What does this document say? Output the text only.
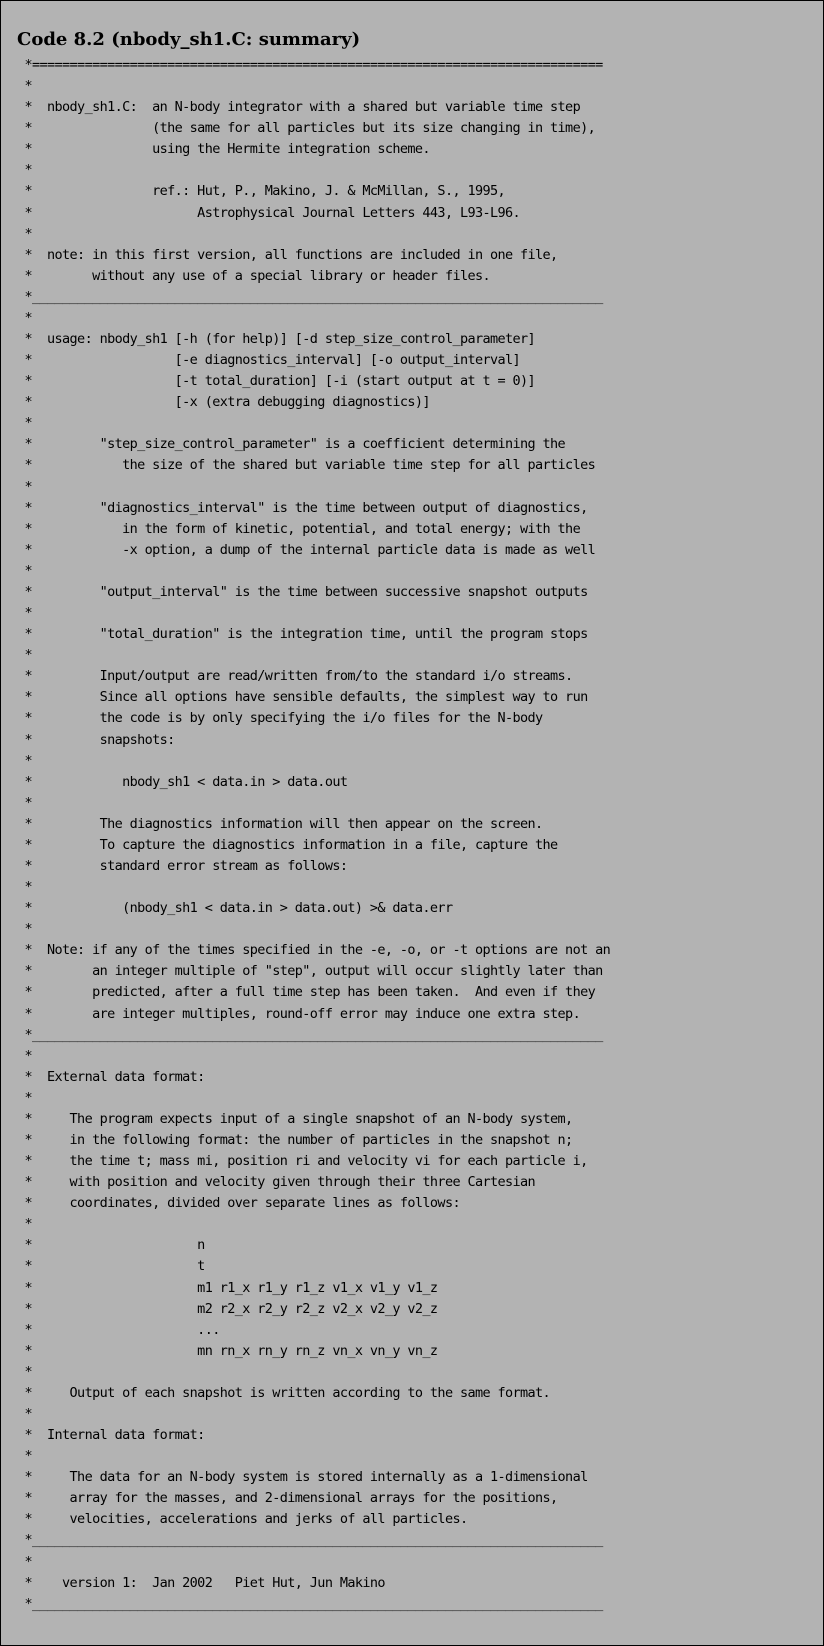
Code 8.2 (nbody_sh1.C: summary)
*============================================================================
*
*  nbody_sh1.C:  an N-body integrator with a shared but variable time step
*                (the same for all particles but its size changing in time),
*                using the Hermite integration scheme.
*
*                ref.: Hut, P., Makino, J. & McMillan, S., 1995,
*                      Astrophysical Journal Letters 443, L93-L96.
*
*  note: in this first version, all functions are included in one file,
*        without any use of a special library or header files.
*____________________________________________________________________________
*
*  usage: nbody_sh1 [-h (for help)] [-d step_size_control_parameter]
*                   [-e diagnostics_interval] [-o output_interval]
*                   [-t total_duration] [-i (start output at t = 0)]
*                   [-x (extra debugging diagnostics)]
*
*         "step_size_control_parameter" is a coefficient determining the
*            the size of the shared but variable time step for all particles
*
*         "diagnostics_interval" is the time between output of diagnostics,
*            in the form of kinetic, potential, and total energy; with the
*            -x option, a dump of the internal particle data is made as well
*
*         "output_interval" is the time between successive snapshot outputs
*
*         "total_duration" is the integration time, until the program stops
*
*         Input/output are read/written from/to the standard i/o streams.
*         Since all options have sensible defaults, the simplest way to run
*         the code is by only specifying the i/o files for the N-body
*         snapshots:
*
*            nbody_sh1 < data.in > data.out
*
*         The diagnostics information will then appear on the screen.
*         To capture the diagnostics information in a file, capture the
*         standard error stream as follows:
*
*            (nbody_sh1 < data.in > data.out) >& data.err
*
*  Note: if any of the times specified in the -e, -o, or -t options are not an
*        an integer multiple of "step", output will occur slightly later than
*        predicted, after a full time step has been taken.  And even if they
*        are integer multiples, round-off error may induce one extra step.
*____________________________________________________________________________
*
*  External data format:
*
*     The program expects input of a single snapshot of an N-body system,
*     in the following format: the number of particles in the snapshot n;
*     the time t; mass mi, position ri and velocity vi for each particle i,
*     with position and velocity given through their three Cartesian
*     coordinates, divided over separate lines as follows:
*
*                      n
*                      t
*                      m1 r1_x r1_y r1_z v1_x v1_y v1_z
*                      m2 r2_x r2_y r2_z v2_x v2_y v2_z
*                      ...
*                      mn rn_x rn_y rn_z vn_x vn_y vn_z
*
*     Output of each snapshot is written according to the same format.
*
*  Internal data format:
*
*     The data for an N-body system is stored internally as a 1-dimensional
*     array for the masses, and 2-dimensional arrays for the positions,
*     velocities, accelerations and jerks of all particles.
*____________________________________________________________________________
*
*    version 1:  Jan 2002   Piet Hut, Jun Makino
*____________________________________________________________________________
